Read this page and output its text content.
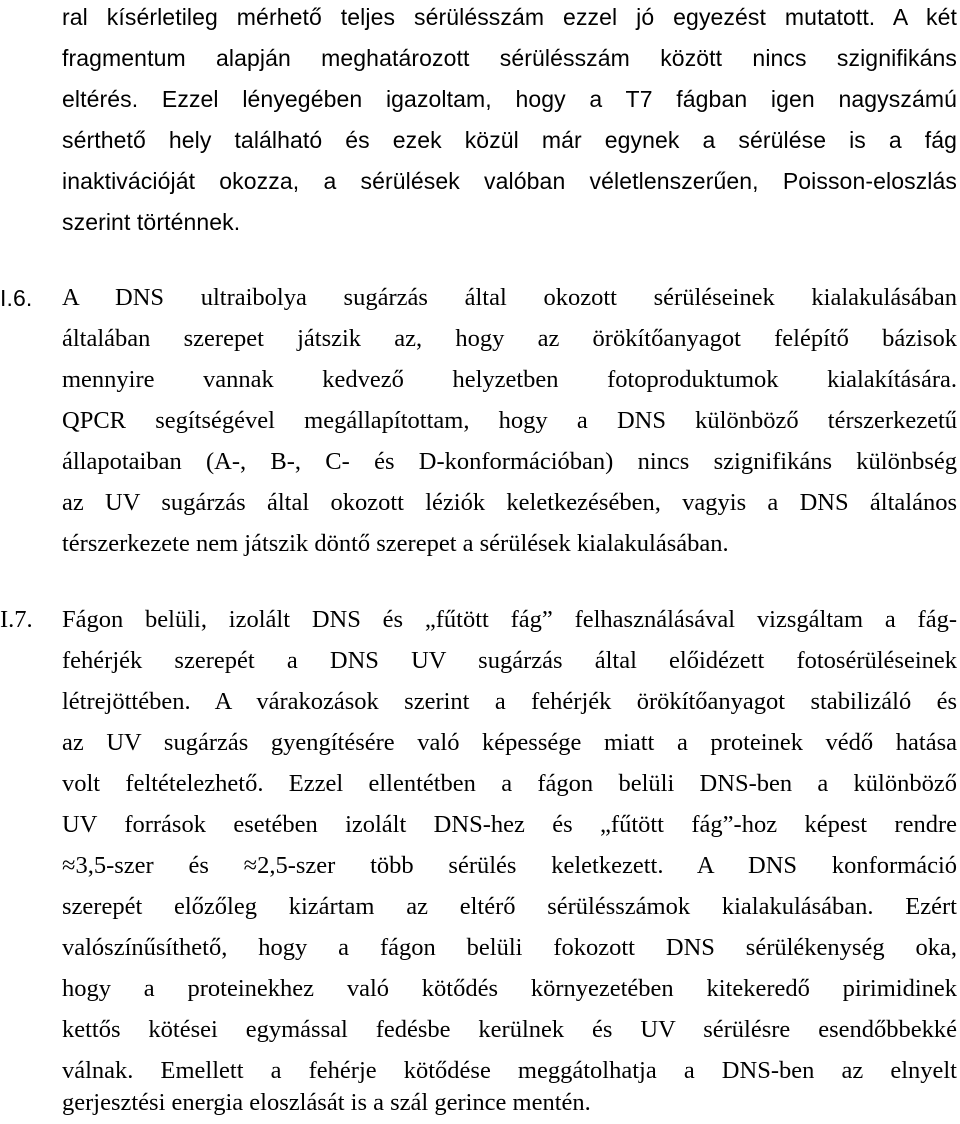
ral kísérletileg mérhető teljes sérülésszám ezzel jó egyezést mutatott. A két
fragmentum alapján meghatározott sérülésszám között nincs szignifikáns
eltérés. Ezzel lényegében igazoltam, hogy a T7 fágban igen nagyszámú
sérthető hely található és ezek közül már egynek a sérülése is a fág
inaktivációját okozza, a sérülések valóban véletlenszerűen, Poisson-eloszlás
szerint történnek.
I.6.	A DNS ultraibolya sugárzás által okozott sérüléseinek kialakulásában
általában szerepet játszik az, hogy az örökítőanyagot felépítő bázisok
mennyire vannak kedvező helyzetben fotoproduktumok kialakítására.
QPCR segítségével megállapítottam, hogy a DNS különböző térszerkezetű
állapotaiban (A-, B-, C- és D-konformációban) nincs szignifikáns különbség
az UV sugárzás által okozott léziók keletkezésében, vagyis a DNS általános
térszerkezete nem játszik döntő szerepet a sérülések kialakulásában.
I.7.	Fágon belüli, izolált DNS és „fűtött fág” felhasználásával vizsgáltam a fág-
fehérjék szerepét a DNS UV sugárzás által előidézett fotosérüléseinek
létrejöttében. A várakozások szerint a fehérjék örökítőanyagot stabilizáló és
az UV sugárzás gyengítésére való képessége miatt a proteinek védő hatása
volt feltételezhető. Ezzel ellentétben a fágon belüli DNS-ben a különböző
UV források esetében izolált DNS-hez és „fűtött fág”-hoz képest rendre
≈3,5-szer és ≈2,5-szer több sérülés keletkezett. A DNS konformáció
szerepét előzőleg kizártam az eltérő sérülésszámok kialakulásában. Ezért
valószínűsíthető, hogy a fágon belüli fokozott DNS sérülékenység oka,
hogy a proteinekhez való kötődés környezetében kitekeredő pirimidinek
kettős kötései egymással fedésbe kerülnek és UV sérülésre esendőbbekké
válnak. Emellett a fehérje kötődése meggátolhatja a DNS-ben az elnyelt
gerjesztési energia eloszlását is a szál gerince mentén.
